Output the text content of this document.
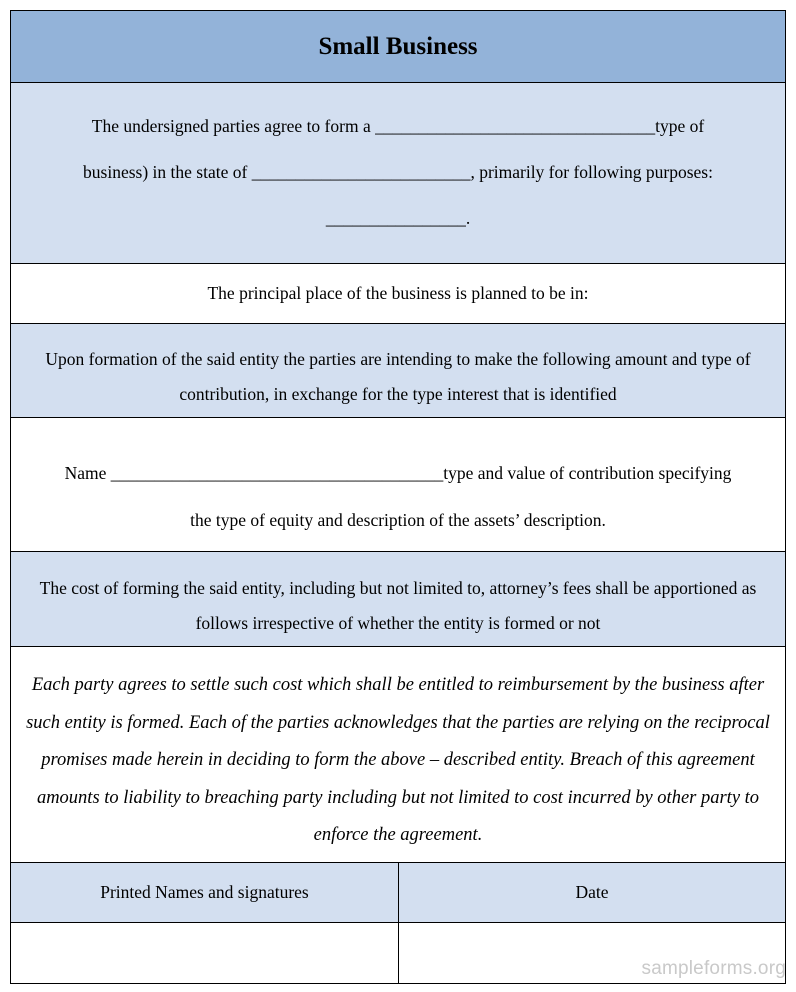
Small Business
The undersigned parties agree to form a ________________________________type of
business) in the state of _________________________, primarily for following purposes:
________________.
The principal place of the business is planned to be in:
Upon formation of the said entity the parties are intending to make the following amount and type of contribution, in exchange for the type interest that is identified
Name ______________________________________type and value of contribution specifying
the type of equity and description of the assets’ description.
The cost of forming the said entity, including but not limited to, attorney’s fees shall be apportioned as follows irrespective of whether the entity is formed or not
Each party agrees to settle such cost which shall be entitled to reimbursement by the business after such entity is formed. Each of the parties acknowledges that the parties are relying on the reciprocal promises made herein in deciding to form the above – described entity. Breach of this agreement amounts to liability to breaching party including but not limited to cost incurred by other party to enforce the agreement.
Printed Names and signatures	Date
sampleforms.org
